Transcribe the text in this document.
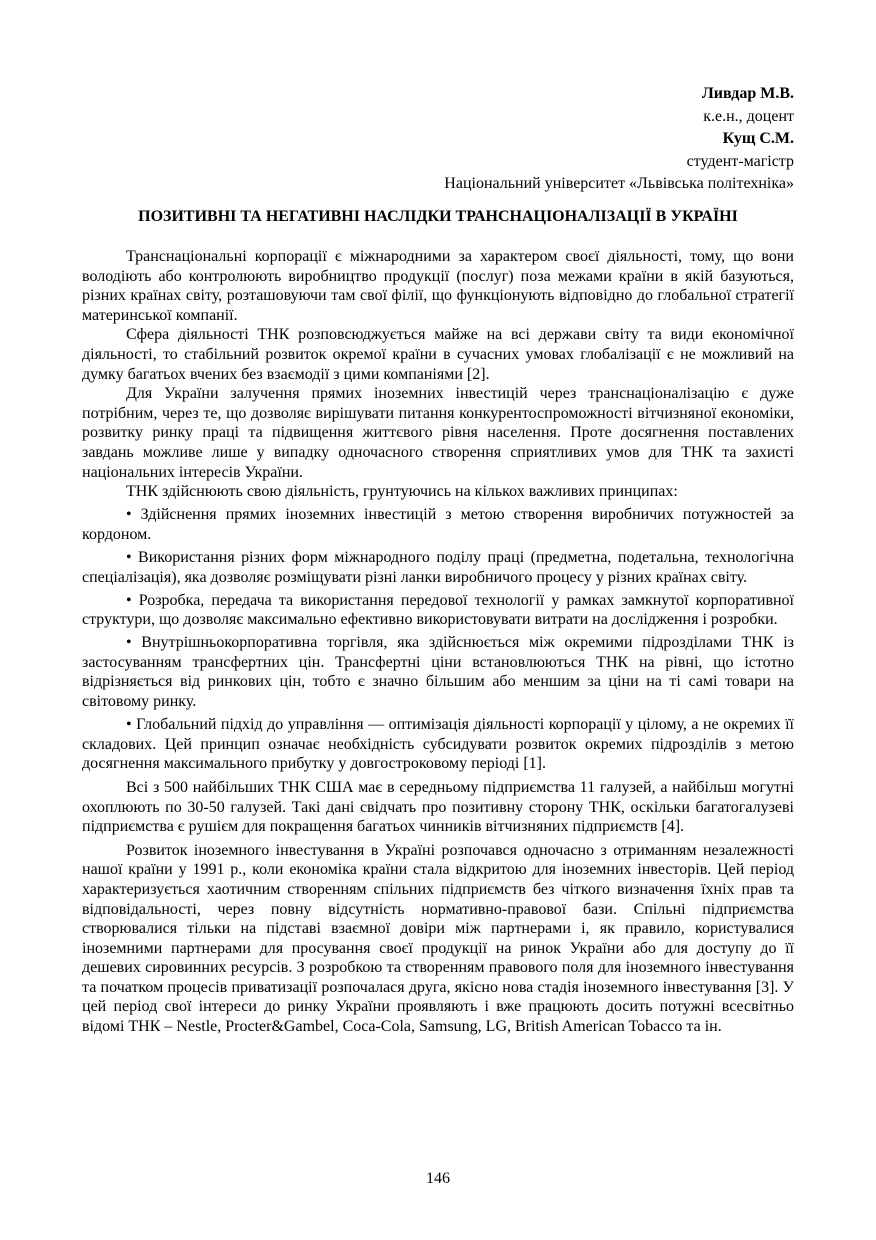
Ливдар М.В.
к.е.н., доцент
Кущ С.М.
студент-магістр
Національний університет «Львівська політехніка»
ПОЗИТИВНІ ТА НЕГАТИВНІ НАСЛІДКИ ТРАНСНАЦІОНАЛІЗАЦІЇ В УКРАЇНІ

Транснаціональні корпорації є міжнародними за характером своєї діяльності, тому, що вони володіють або контролюють виробництво продукції (послуг) поза межами країни в якій базуються, різних країнах світу, розташовуючи там свої філії, що функціонують відповідно до глобальної стратегії материнської компанії.

Сфера діяльності ТНК розповсюджується майже на всі держави світу та види економічної діяльності, то стабільний розвиток окремої країни в сучасних умовах глобалізації є не можливий на думку багатьох вчених без взаємодії з цими компаніями [2].

Для України залучення прямих іноземних інвестицій через транснаціоналізацію є дуже потрібним, через те, що дозволяє вирішувати питання конкурентоспроможності вітчизняної економіки, розвитку ринку праці та підвищення життєвого рівня населення. Проте досягнення поставлених завдань можливе лише у випадку одночасного створення сприятливих умов для ТНК та захисті національних інтересів України.

ТНК здійснюють свою діяльність, грунтуючись на кількох важливих принципах:

• Здійснення прямих іноземних інвестицій з метою створення виробничих потужностей за кордоном.

• Використання різних форм міжнародного поділу праці (предметна, подетальна, технологічна спеціалізація), яка дозволяє розміщувати різні ланки виробничого процесу у різних країнах світу.

• Розробка, передача та використання передової технології у рамках замкнутої корпоративної структури, що дозволяє максимально ефективно використовувати витрати на дослідження і розробки.

• Внутрішньокорпоративна торгівля, яка здійснюється між окремими підрозділами ТНК із застосуванням трансфертних цін. Трансфертні ціни встановлюються ТНК на рівні, що істотно відрізняється від ринкових цін, тобто є значно більшим або меншим за ціни на ті самі товари на світовому ринку.

• Глобальний підхід до управління — оптимізація діяльності корпорації у цілому, а не окремих її складових. Цей принцип означає необхідність субсидувати розвиток окремих підрозділів з метою досягнення максимального прибутку у довгостроковому періоді [1].

Всі з 500 найбільших ТНК США має в середньому підприємства 11 галузей, а найбільш могутні охоплюють по 30-50 галузей. Такі дані свідчать про позитивну сторону ТНК, оскільки багатогалузеві підприємства є рушієм для покращення багатьох чинників вітчизняних підприємств [4].

Розвиток іноземного інвестування в Україні розпочався одночасно з отриманням незалежності нашої країни у 1991 р., коли економіка країни стала відкритою для іноземних інвесторів. Цей період характеризується хаотичним створенням спільних підприємств без чіткого визначення їхніх прав та відповідальності, через повну відсутність нормативно-правової бази. Спільні підприємства створювалися тільки на підставі взаємної довіри між партнерами і, як правило, користувалися іноземними партнерами для просування своєї продукції на ринок України або для доступу до її дешевих сировинних ресурсів. З розробкою та створенням правового поля для іноземного інвестування та початком процесів приватизації розпочалася друга, якісно нова стадія іноземного інвестування [3]. У цей період свої інтереси до ринку України проявляють і вже працюють досить потужні всесвітньо відомі ТНК – Nestle, Procter&Gambel, Coca-Cola, Samsung, LG, British American Tobacco та ін.

146
